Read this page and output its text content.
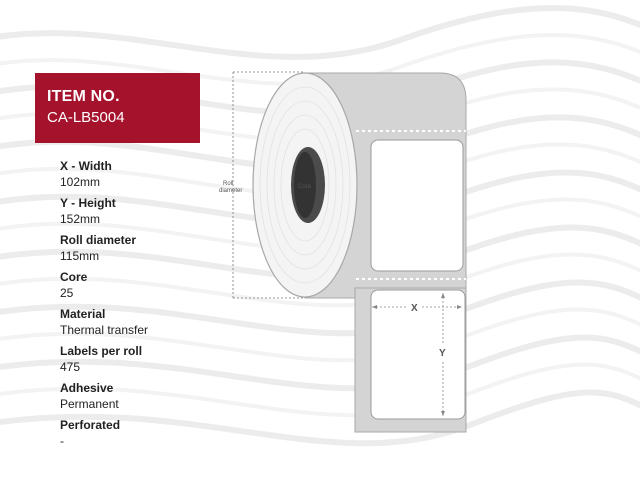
ITEM NO.
CA-LB5004
X - Width
102mm
Y - Height
152mm
Roll diameter
115mm
Core
25
Material
Thermal transfer
Labels per roll
475
Adhesive
Permanent
Perforated
-
Core
Roll
diameter
X
Y
